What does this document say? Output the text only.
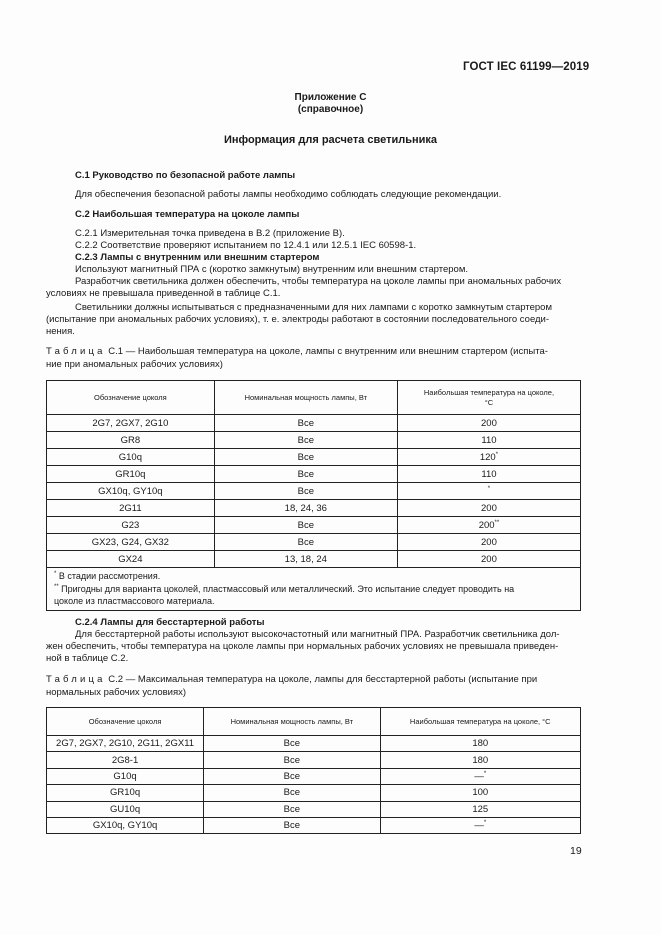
ГОСТ IEC 61199—2019
Приложение С
(справочное)
Информация для расчета светильника
С.1 Руководство по безопасной работе лампы
Для обеспечения безопасной работы лампы необходимо соблюдать следующие рекомендации.
С.2 Наибольшая температура на цоколе лампы
С.2.1 Измерительная точка приведена в В.2 (приложение В).
С.2.2 Соответствие проверяют испытанием по 12.4.1 или 12.5.1 IEC 60598-1.
С.2.3 Лампы с внутренним или внешним стартером
Используют магнитный ПРА с (коротко замкнутым) внутренним или внешним стартером.
Разработчик светильника должен обеспечить, чтобы температура на цоколе лампы при аномальных рабочих
условиях не превышала приведенной в таблице С.1.
Светильники должны испытываться с предназначенными для них лампами с коротко замкнутым стартером
(испытание при аномальных рабочих условиях), т. е. электроды работают в состоянии последовательного соеди-
нения.
Таблица С.1 — Наибольшая температура на цоколе, лампы с внутренним или внешним стартером (испыта-
ние при аномальных рабочих условиях)
Обозначение цоколя	Номинальная мощность лампы, Вт	Наибольшая температура на цоколе,
°С

2G7, 2GX7, 2G10	Все	200
GR8	Все	110
G10q	Все	120*
GR10q	Все	110
GX10q, GY10q	Все	*
2G11	18, 24, 36	200
G23	Все	200**
GX23, G24, GX32	Все	200
GX24	13, 18, 24	200

* В стадии рассмотрения.
** Пригодны для варианта цоколей, пластмассовый или металлический. Это испытание следует проводить на
цоколе из пластмассового материала.		
С.2.4 Лампы для бесстартерной работы
Для бесстартерной работы используют высокочастотный или магнитный ПРА. Разработчик светильника дол-
жен обеспечить, чтобы температура на цоколе лампы при нормальных рабочих условиях не превышала приведен-
ной в таблице С.2.
Таблица С.2 — Максимальная температура на цоколе, лампы для бесстартерной работы (испытание при
нормальных рабочих условиях)
Обозначение цоколя	Номинальная мощность лампы, Вт	Наибольшая температура на цоколе, °С
2G7, 2GX7, 2G10, 2G11, 2GX11	Все	180
2G8-1	Все	180
G10q	Все	—*
GR10q	Все	100
GU10q	Все	125
GX10q, GY10q	Все	—*
19
